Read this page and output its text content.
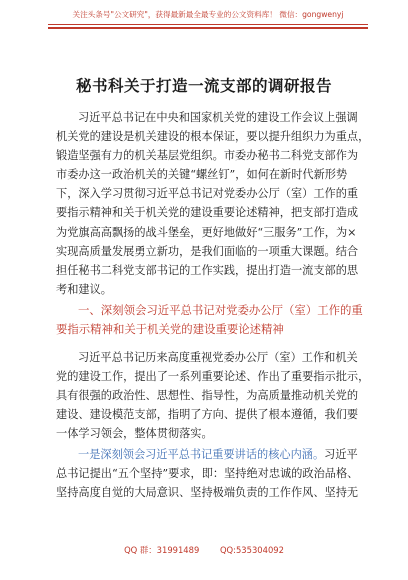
关注头条号"公文研究"，获得最新最全最专业的公文资料库！ 微信：gongwenyj
秘书科关于打造一流支部的调研报告
习近平总书记在中央和国家机关党的建设工作会议上强调
机关党的建设是机关建设的根本保证，要以提升组织力为重点，
锻造坚强有力的机关基层党组织。市委办秘书二科党支部作为
市委办这一政治机关的关键“螺丝钉”，如何在新时代新形势
下，深入学习贯彻习近平总书记对党委办公厅（室）工作的重
要指示精神和关于机关党的建设重要论述精神，把支部打造成
为党旗高高飘扬的战斗堡垒，更好地做好“三服务”工作，为×
实现高质量发展勇立新功，是我们面临的一项重大课题。结合
担任秘书二科党支部书记的工作实践，提出打造一流支部的思
考和建议。
一、深刻领会习近平总书记对党委办公厅（室）工作的重
要指示精神和关于机关党的建设重要论述精神
习近平总书记历来高度重视党委办公厅（室）工作和机关
党的建设工作，提出了一系列重要论述、作出了重要指示批示，
具有很强的政治性、思想性、指导性，为高质量推动机关党的
建设、建设模范支部，指明了方向、提供了根本遵循，我们要
一体学习领会，整体贯彻落实。
一是深刻领会习近平总书记重要讲话的核心内涵。习近平
总书记提出“五个坚持”要求，即：坚持绝对忠诚的政治品格、
坚持高度自觉的大局意识、坚持极端负责的工作作风、坚持无
QQ 群：31991489 QQ:535304092
